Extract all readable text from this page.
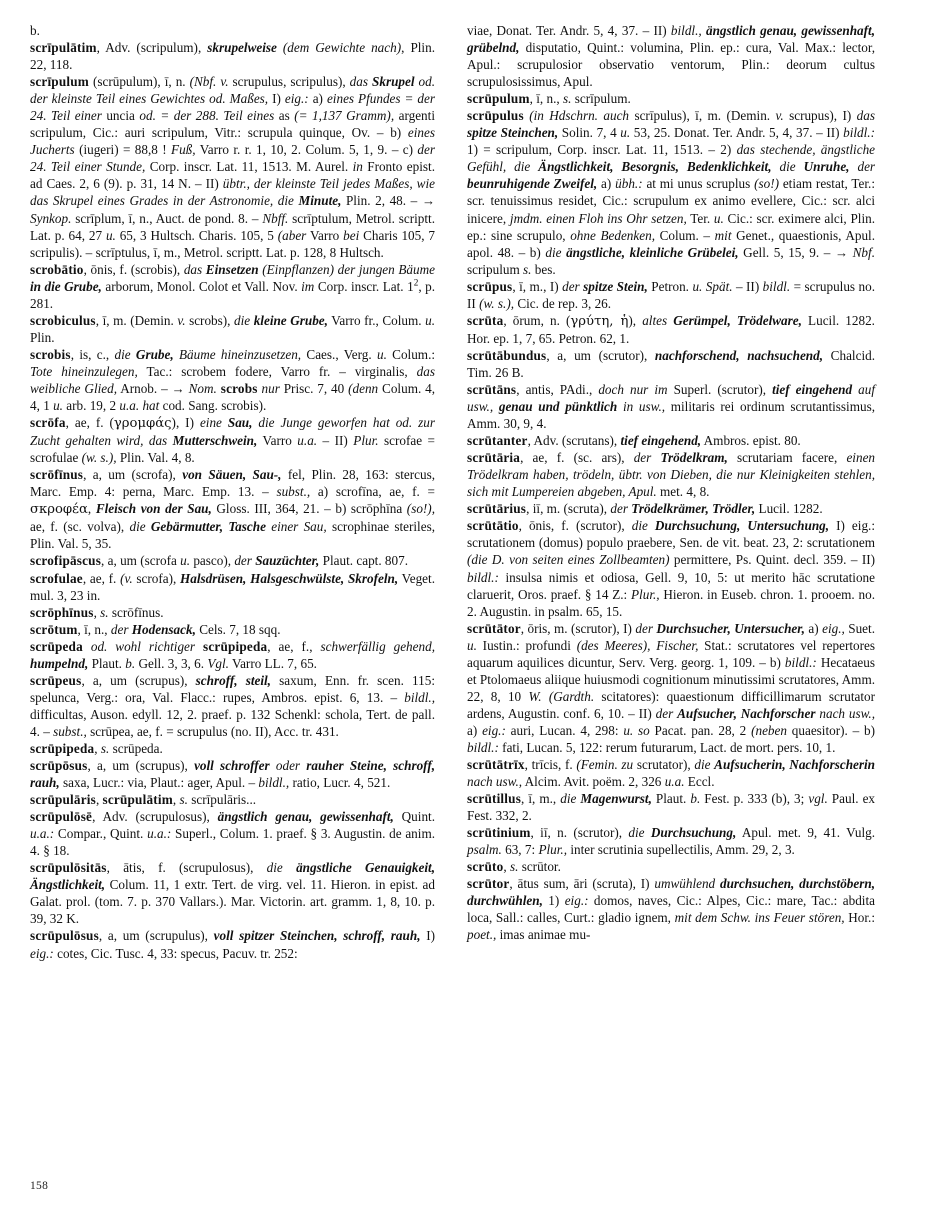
b.

scrīpulātim, Adv. (scripulum), skrupelweise (dem Gewichte nach), Plin. 22, 118.

scrīpulum (scrūpulum), ī, n. (Nbf. v. scrupulus, scripulus), das Skrupel od. der kleinste Teil eines Gewichtes od. Maßes, I) eig.: a) eines Pfundes = der 24. Teil einer uncia od. = der 288. Teil eines as (= 1,137 Gramm), argenti scripulum, Cic.: auri scripulum, Vitr.: scrupula quinque, Ov. – b) eines Jucherts (iugeri) = 88,8 ! Fuß, Varro r. r. 1, 10, 2. Colum. 5, 1, 9. – c) der 24. Teil einer Stunde, Corp. inscr. Lat. 11, 1513. M. Aurel. in Fronto epist. ad Caes. 2, 6 (9). p. 31, 14 N. – II) übtr., der kleinste Teil jedes Maßes, wie das Skrupel eines Grades in der Astronomie, die Minute, Plin. 2, 48. – → Synkop. scrīplum, ī, n., Auct. de pond. 8. – Nbff. scrīptulum, Metrol. scriptt. Lat. p. 64, 27 u. 65, 3 Hultsch. Charis. 105, 5 (aber Varro bei Charis 105, 7 scripulis). – scrīptulus, ī, m., Metrol. scriptt. Lat. p. 128, 8 Hultsch.

scrobātio, ōnis, f. (scrobis), das Einsetzen (Einpflanzen) der jungen Bäume in die Grube, arborum, Monol. Colot et Vall. Nov. im Corp. inscr. Lat. $1^2$, p. 281.

scrobiculus, ī, m. (Demin. v. scrobs), die kleine Grube, Varro fr., Colum. u. Plin.

scrobis, is, c., die Grube, Bäume hineinzusetzen, Caes., Verg. u. Colum.: Tote hineinzulegen, Tac.: scrobem fodere, Varro fr. – virginalis, das weibliche Glied, Arnob. – → Nom. scrobs nur Prisc. 7, 40 (denn Colum. 4, 4, 1 u. arb. 19, 2 u.a. hat cod. Sang. scrobis).

scrōfa, ae, f. (γρομφάς), I) eine Sau, die Junge geworfen hat od. zur Zucht gehalten wird, das Mutterschwein, Varro u.a. – II) Plur. scrofae = scrofulae (w. s.), Plin. Val. 4, 8.

scrōfīnus, a, um (scrofa), von Säuen, Sau-, fel, Plin. 28, 163: stercus, Marc. Emp. 4: perna, Marc. Emp. 13. – subst., a) scrofīna, ae, f. = σκροφέα, Fleisch von der Sau, Gloss. III, 364, 21. – b) scrōphīna (so!), ae, f. (sc. volva), die Gebärmutter, Tasche einer Sau, scrophinae steriles, Plin. Val. 5, 35.

scrofipāscus, a, um (scrofa u. pasco), der Sauzüchter, Plaut. capt. 807.

scrofulae, ae, f. (v. scrofa), Halsdrüsen, Halsgeschwülste, Skrofeln, Veget. mul. 3, 23 in.

scrōphīnus, s. scrōfīnus.

scrōtum, ī, n., der Hodensack, Cels. 7, 18 sqq.

scrūpeda od. wohl richtiger scrūpipeda, ae, f., schwerfällig gehend, humpelnd, Plaut. b. Gell. 3, 3, 6. Vgl. Varro LL. 7, 65.

scrūpeus, a, um (scrupus), schroff, steil, saxum, Enn. fr. scen. 115: spelunca, Verg.: ora, Val. Flacc.: rupes, Ambros. epist. 6, 13. – bildl., difficultas, Auson. edyll. 12, 2. praef. p. 132 Schenkl: schola, Tert. de pall. 4. – subst., scrūpea, ae, f. = scrupulus (no. II), Acc. tr. 431.

scrūpipeda, s. scrūpeda.

scrūpōsus, a, um (scrupus), voll schroffer oder rauher Steine, schroff, rauh, saxa, Lucr.: via, Plaut.: ager, Apul. – bildl., ratio, Lucr. 4, 521.

scrūpulāris, scrūpulātim, s. scrīpulāris...

scrūpulōsē, Adv. (scrupulosus), ängstlich genau, gewissenhaft, Quint. u.a.: Compar., Quint. u.a.: Superl., Colum. 1. praef. § 3. Augustin. de anim. 4. § 18.

scrūpulōsitās, ātis, f. (scrupulosus), die ängstliche Genauigkeit, Ängstlichkeit, Colum. 11, 1 extr. Tert. de virg. vel. 11. Hieron. in epist. ad Galat. prol. (tom. 7. p. 370 Vallars.). Mar. Victorin. art. gramm. 1, 8, 10. p. 39, 32 K.

scrūpulōsus, a, um (scrupulus), voll spitzer Steinchen, schroff, rauh, I) eig.: cotes, Cic. Tusc. 4, 33: specus, Pacuv. tr. 252:

viae, Donat. Ter. Andr. 5, 4, 37. – II) bildl., ängstlich genau, gewissenhaft, grübelnd, disputatio, Quint.: volumina, Plin. ep.: cura, Val. Max.: lector, Apul.: scrupulosior observatio ventorum, Plin.: deorum cultus scrupulosissimus, Apul.

scrūpulum, ī, n., s. scrīpulum.

scrūpulus (in Hdschrn. auch scrīpulus), ī, m. (Demin. v. scrupus), I) das spitze Steinchen, Solin. 7, 4 u. 53, 25. Donat. Ter. Andr. 5, 4, 37. – II) bildl.: 1) = scripulum, Corp. inscr. Lat. 11, 1513. – 2) das stechende, ängstliche Gefühl, die Ängstlichkeit, Besorgnis, Bedenklichkeit, die Unruhe, der beunruhigende Zweifel, a) übh.: at mi unus scruplus (so!) etiam restat, Ter.: scr. tenuissimus residet, Cic.: scrupulum ex animo evellere, Cic.: scr. alci inicere, jmdm. einen Floh ins Ohr setzen, Ter. u. Cic.: scr. eximere alci, Plin. ep.: sine scrupulo, ohne Bedenken, Colum. – mit Genet., quaestionis, Apul. apol. 48. – b) die ängstliche, kleinliche Grübelei, Gell. 5, 15, 9. – → Nbf. scripulum s. bes.

scrūpus, ī, m., I) der spitze Stein, Petron. u. Spät. – II) bildl. = scrupulus no. II (w. s.), Cic. de rep. 3, 26.

scrūta, ōrum, n. (γρύτη, ἡ), altes Gerümpel, Trödelware, Lucil. 1282. Hor. ep. 1, 7, 65. Petron. 62, 1.

scrūtābundus, a, um (scrutor), nachforschend, nachsuchend, Chalcid. Tim. 26 B.

scrūtāns, antis, PAdi., doch nur im Superl. (scrutor), tief eingehend auf usw., genau und pünktlich in usw., militaris rei ordinum scrutantissimus, Amm. 30, 9, 4.

scrūtanter, Adv. (scrutans), tief eingehend, Ambros. epist. 80.

scrūtāria, ae, f. (sc. ars), der Trödelkram, scrutariam facere, einen Trödelkram haben, trödeln, übtr. von Dieben, die nur Kleinigkeiten stehlen, sich mit Lumpereien abgeben, Apul. met. 4, 8.

scrūtārius, iī, m. (scruta), der Trödelkrämer, Trödler, Lucil. 1282.

scrūtātio, ōnis, f. (scrutor), die Durchsuchung, Untersuchung, I) eig.: scrutationem (domus) populo praebere, Sen. de vit. beat. 23, 2: scrutationem (die D. von seiten eines Zollbeamten) permittere, Ps. Quint. decl. 359. – II) bildl.: insulsa nimis et odiosa, Gell. 9, 10, 5: ut merito hāc scrutatione claruerit, Oros. praef. § 14 Z.: Plur., Hieron. in Euseb. chron. 1. prooem. no. 2. Augustin. in psalm. 65, 15.

scrūtātor, ōris, m. (scrutor), I) der Durchsucher, Untersucher, a) eig., Suet. u. Iustin.: profundi (des Meeres), Fischer, Stat.: scrutatores vel repertores aquarum aquilices dicuntur, Serv. Verg. georg. 1, 109. – b) bildl.: Hecataeus et Ptolomaeus aliique huiusmodi cognitionum minutissimi scrutatores, Amm. 22, 8, 10 W. (Gardth. scitatores): quaestionum difficillimarum scrutator ardens, Augustin. conf. 6, 10. – II) der Aufsucher, Nachforscher nach usw., a) eig.: auri, Lucan. 4, 298: u. so Pacat. pan. 28, 2 (neben quaesitor). – b) bildl.: fati, Lucan. 5, 122: rerum futurarum, Lact. de mort. pers. 10, 1.

scrūtātrīx, trīcis, f. (Femin. zu scrutator), die Aufsucherin, Nachforscherin nach usw., Alcim. Avit. poëm. 2, 326 u.a. Eccl.

scrūtillus, ī, m., die Magenwurst, Plaut. b. Fest. p. 333 (b), 3; vgl. Paul. ex Fest. 332, 2.

scrūtinium, iī, n. (scrutor), die Durchsuchung, Apul. met. 9, 41. Vulg. psalm. 63, 7: Plur., inter scrutinia supellectilis, Amm. 29, 2, 3.

scrūto, s. scrūtor.

scrūtor, ātus sum, āri (scruta), I) umwühlend durchsuchen, durchstöbern, durchwühlen, 1) eig.: domos, naves, Cic.: Alpes, Cic.: mare, Tac.: abdita loca, Sall.: calles, Curt.: gladio ignem, mit dem Schw. ins Feuer stören, Hor.: poet., imas animae mu-

158
